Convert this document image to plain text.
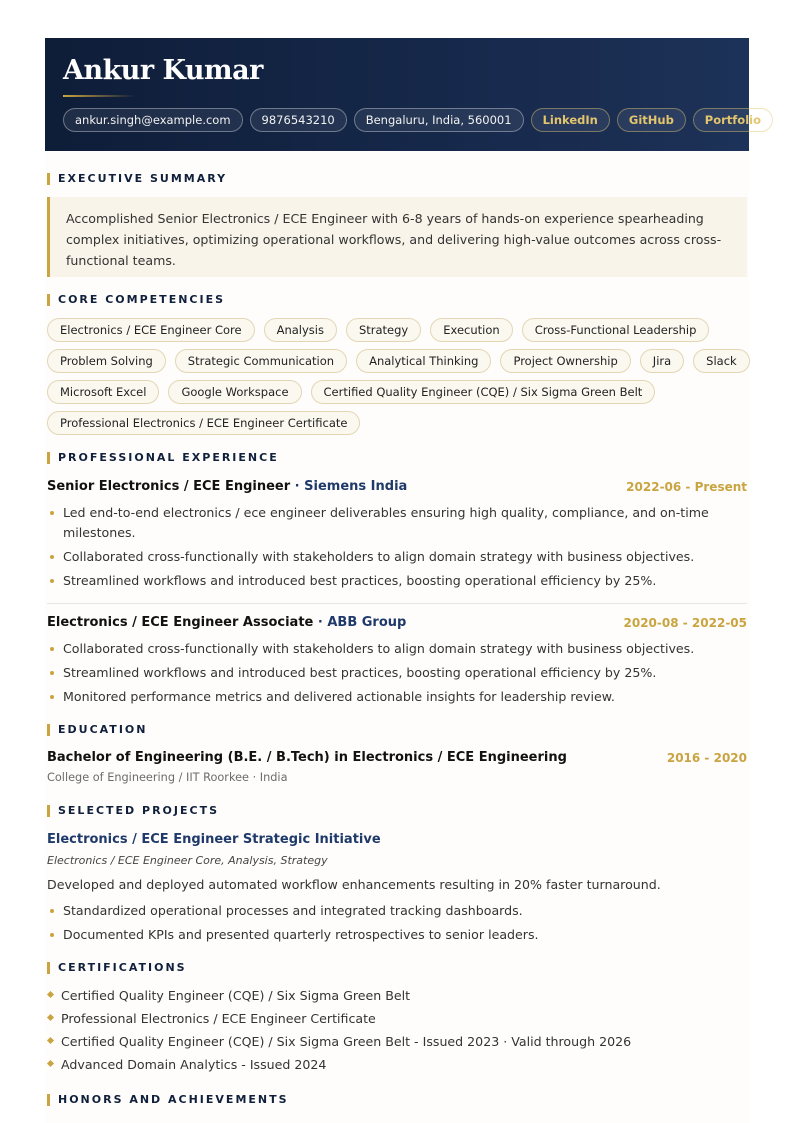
Ankur Kumar
ankur.singh@example.com	9876543210	Bengaluru, India, 560001	LinkedIn	GitHub	Portfolio
EXECUTIVE SUMMARY
Accomplished Senior Electronics / ECE Engineer with 6-8 years of hands-on experience spearheading complex initiatives, optimizing operational workflows, and delivering high-value outcomes across cross-functional teams.
CORE COMPETENCIES
Electronics / ECE Engineer Core	Analysis	Strategy	Execution	Cross-Functional Leadership
Problem Solving	Strategic Communication	Analytical Thinking	Project Ownership	Jira	Slack
Microsoft Excel	Google Workspace	Certified Quality Engineer (CQE) / Six Sigma Green Belt
Professional Electronics / ECE Engineer Certificate
PROFESSIONAL EXPERIENCE
Senior Electronics / ECE Engineer · Siemens India	2022-06 - Present
Led end-to-end electronics / ece engineer deliverables ensuring high quality, compliance, and on-time milestones.
Collaborated cross-functionally with stakeholders to align domain strategy with business objectives.
Streamlined workflows and introduced best practices, boosting operational efficiency by 25%.
Electronics / ECE Engineer Associate · ABB Group	2020-08 - 2022-05
Collaborated cross-functionally with stakeholders to align domain strategy with business objectives.
Streamlined workflows and introduced best practices, boosting operational efficiency by 25%.
Monitored performance metrics and delivered actionable insights for leadership review.
EDUCATION
Bachelor of Engineering (B.E. / B.Tech) in Electronics / ECE Engineering	2016 - 2020
College of Engineering / IIT Roorkee · India
SELECTED PROJECTS
Electronics / ECE Engineer Strategic Initiative
Electronics / ECE Engineer Core, Analysis, Strategy
Developed and deployed automated workflow enhancements resulting in 20% faster turnaround.
Standardized operational processes and integrated tracking dashboards.
Documented KPIs and presented quarterly retrospectives to senior leaders.
CERTIFICATIONS
Certified Quality Engineer (CQE) / Six Sigma Green Belt
Professional Electronics / ECE Engineer Certificate
Certified Quality Engineer (CQE) / Six Sigma Green Belt - Issued 2023 · Valid through 2026
Advanced Domain Analytics - Issued 2024
HONORS AND ACHIEVEMENTS
